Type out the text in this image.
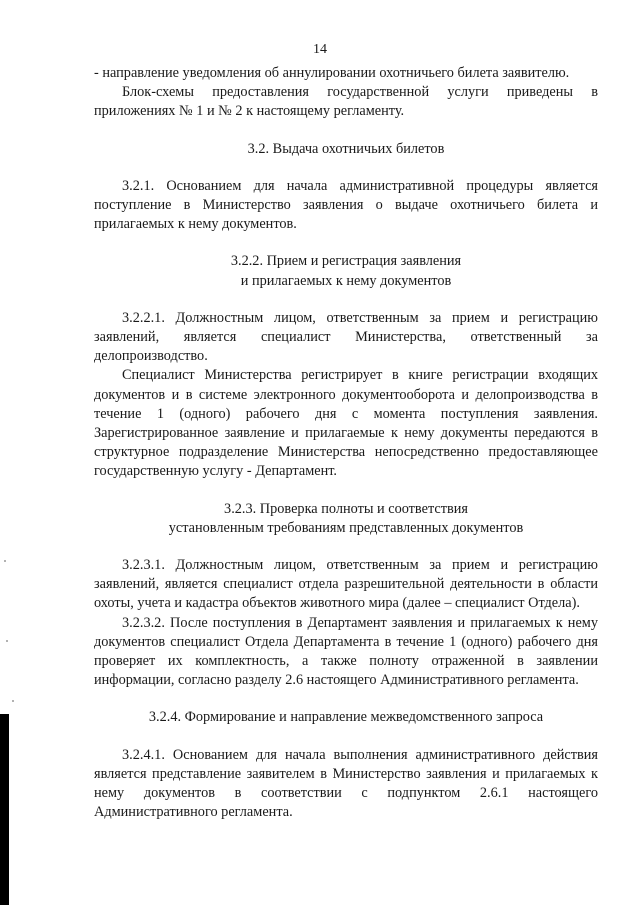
14

- направление уведомления об аннулировании охотничьего билета заявителю.

Блок-схемы предоставления государственной услуги приведены в приложениях № 1 и № 2 к настоящему регламенту.

3.2. Выдача охотничьих билетов

3.2.1. Основанием для начала административной процедуры является поступление в Министерство заявления о выдаче охотничьего билета и прилагаемых к нему документов.

3.2.2. Прием и регистрация заявления
и прилагаемых к нему документов

3.2.2.1. Должностным лицом, ответственным за прием и регистрацию заявлений, является специалист Министерства, ответственный за делопроизводство.

Специалист Министерства регистрирует в книге регистрации входящих документов и в системе электронного документооборота и делопроизводства в течение 1 (одного) рабочего дня с момента поступления заявления. Зарегистрированное заявление и прилагаемые к нему документы передаются в структурное подразделение Министерства непосредственно предоставляющее государственную услугу - Департамент.

3.2.3. Проверка полноты и соответствия
установленным требованиям представленных документов

3.2.3.1. Должностным лицом, ответственным за прием и регистрацию заявлений, является специалист отдела разрешительной деятельности в области охоты, учета и кадастра объектов животного мира (далее – специалист Отдела).

3.2.3.2. После поступления в Департамент заявления и прилагаемых к нему документов специалист Отдела Департамента в течение 1 (одного) рабочего дня проверяет их комплектность, а также полноту отраженной в заявлении информации, согласно разделу 2.6 настоящего Административного регламента.

3.2.4. Формирование и направление межведомственного запроса

3.2.4.1. Основанием для начала выполнения административного действия является представление заявителем в Министерство заявления и прилагаемых к нему документов в соответствии с подпунктом 2.6.1 настоящего Административного регламента.
